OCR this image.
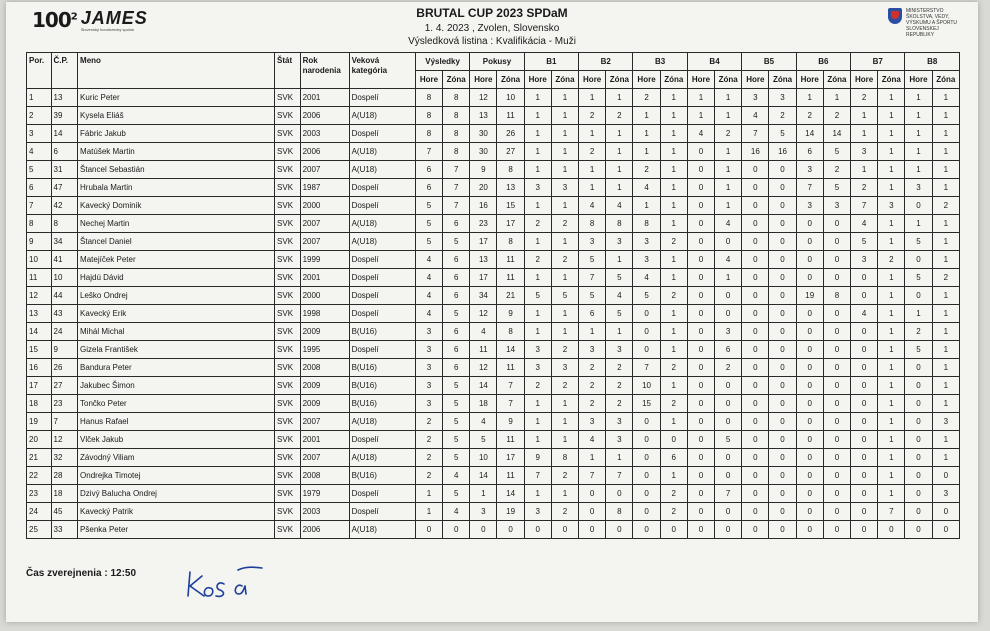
$100^2$ JAMES
Slovenský horolezecký spolok
BRUTAL CUP 2023 SPDaM
1. 4. 2023 , Zvolen, Slovensko
Výsledková listina : Kvalifikácia - Muži
MINISTERSTVO ŠKOLSTVA, VEDY, VÝSKUMU A ŠPORTU SLOVENSKEJ REPUBLIKY
Por.	Č.P.	Meno	Štát	Rok narodenia	Veková kategória	Výsledky		Pokusy		B1		B2		B3		B4		B5		B6		B7		B8	
						Hore	Zóna	Hore	Zóna	Hore	Zóna	Hore	Zóna	Hore	Zóna	Hore	Zóna	Hore	Zóna	Hore	Zóna	Hore	Zóna	Hore	Zóna
1	13	Kuric Peter	SVK	2001	Dospelí	8	8	12	10	1	1	1	1	2	1	1	1	3	3	1	1	2	1	1	1
2	39	Kysela Eliáš	SVK	2006	A(U18)	8	8	13	11	1	1	2	2	1	1	1	1	4	2	2	2	1	1	1	1
3	14	Fábric Jakub	SVK	2003	Dospelí	8	8	30	26	1	1	1	1	1	1	4	2	7	5	14	14	1	1	1	1
4	6	Matúšek Martin	SVK	2006	A(U18)	7	8	30	27	1	1	2	1	1	1	0	1	16	16	6	5	3	1	1	1
5	31	Štancel Sebastián	SVK	2007	A(U18)	6	7	9	8	1	1	1	1	2	1	0	1	0	0	3	2	1	1	1	1
6	47	Hrubala Martin	SVK	1987	Dospelí	6	7	20	13	3	3	1	1	4	1	0	1	0	0	7	5	2	1	3	1
7	42	Kavecký Dominik	SVK	2000	Dospelí	5	7	16	15	1	1	4	4	1	1	0	1	0	0	3	3	7	3	0	2
8	8	Nechej Martin	SVK	2007	A(U18)	5	6	23	17	2	2	8	8	8	1	0	4	0	0	0	0	4	1	1	1
9	34	Štancel Daniel	SVK	2007	A(U18)	5	5	17	8	1	1	3	3	3	2	0	0	0	0	0	0	5	1	5	1
10	41	Matejíček Peter	SVK	1999	Dospelí	4	6	13	11	2	2	5	1	3	1	0	4	0	0	0	0	3	2	0	1
11	10	Hajdú Dávid	SVK	2001	Dospelí	4	6	17	11	1	1	7	5	4	1	0	1	0	0	0	0	0	1	5	2
12	44	Leško Ondrej	SVK	2000	Dospelí	4	6	34	21	5	5	5	4	5	2	0	0	0	0	19	8	0	1	0	1
13	43	Kavecký Erik	SVK	1998	Dospelí	4	5	12	9	1	1	6	5	0	1	0	0	0	0	0	0	4	1	1	1
14	24	Mihál Michal	SVK	2009	B(U16)	3	6	4	8	1	1	1	1	0	1	0	3	0	0	0	0	0	1	2	1
15	9	Gizela František	SVK	1995	Dospelí	3	6	11	14	3	2	3	3	0	1	0	6	0	0	0	0	0	1	5	1
16	26	Bandura Peter	SVK	2008	B(U16)	3	6	12	11	3	3	2	2	7	2	0	2	0	0	0	0	0	1	0	1
17	27	Jakubec Šimon	SVK	2009	B(U16)	3	5	14	7	2	2	2	2	10	1	0	0	0	0	0	0	0	1	0	1
18	23	Tončko Peter	SVK	2009	B(U16)	3	5	18	7	1	1	2	2	15	2	0	0	0	0	0	0	0	1	0	1
19	7	Hanus Rafael	SVK	2007	A(U18)	2	5	4	9	1	1	3	3	0	1	0	0	0	0	0	0	0	1	0	3
20	12	Vlček Jakub	SVK	2001	Dospelí	2	5	5	11	1	1	4	3	0	0	0	5	0	0	0	0	0	1	0	1
21	32	Závodný Viliam	SVK	2007	A(U18)	2	5	10	17	9	8	1	1	0	6	0	0	0	0	0	0	0	1	0	1
22	28	Ondrejka Timotej	SVK	2008	B(U16)	2	4	14	11	7	2	7	7	0	1	0	0	0	0	0	0	0	1	0	0
23	18	Dzivý Balucha Ondrej	SVK	1979	Dospelí	1	5	1	14	1	1	0	0	0	2	0	7	0	0	0	0	0	1	0	3
24	45	Kavecký Patrik	SVK	2003	Dospelí	1	4	3	19	3	2	0	8	0	2	0	0	0	0	0	0	0	7	0	0
25	33	Pšenka Peter	SVK	2006	A(U18)	0	0	0	0	0	0	0	0	0	0	0	0	0	0	0	0	0	0	0	0
Čas zverejnenia : 12:50
